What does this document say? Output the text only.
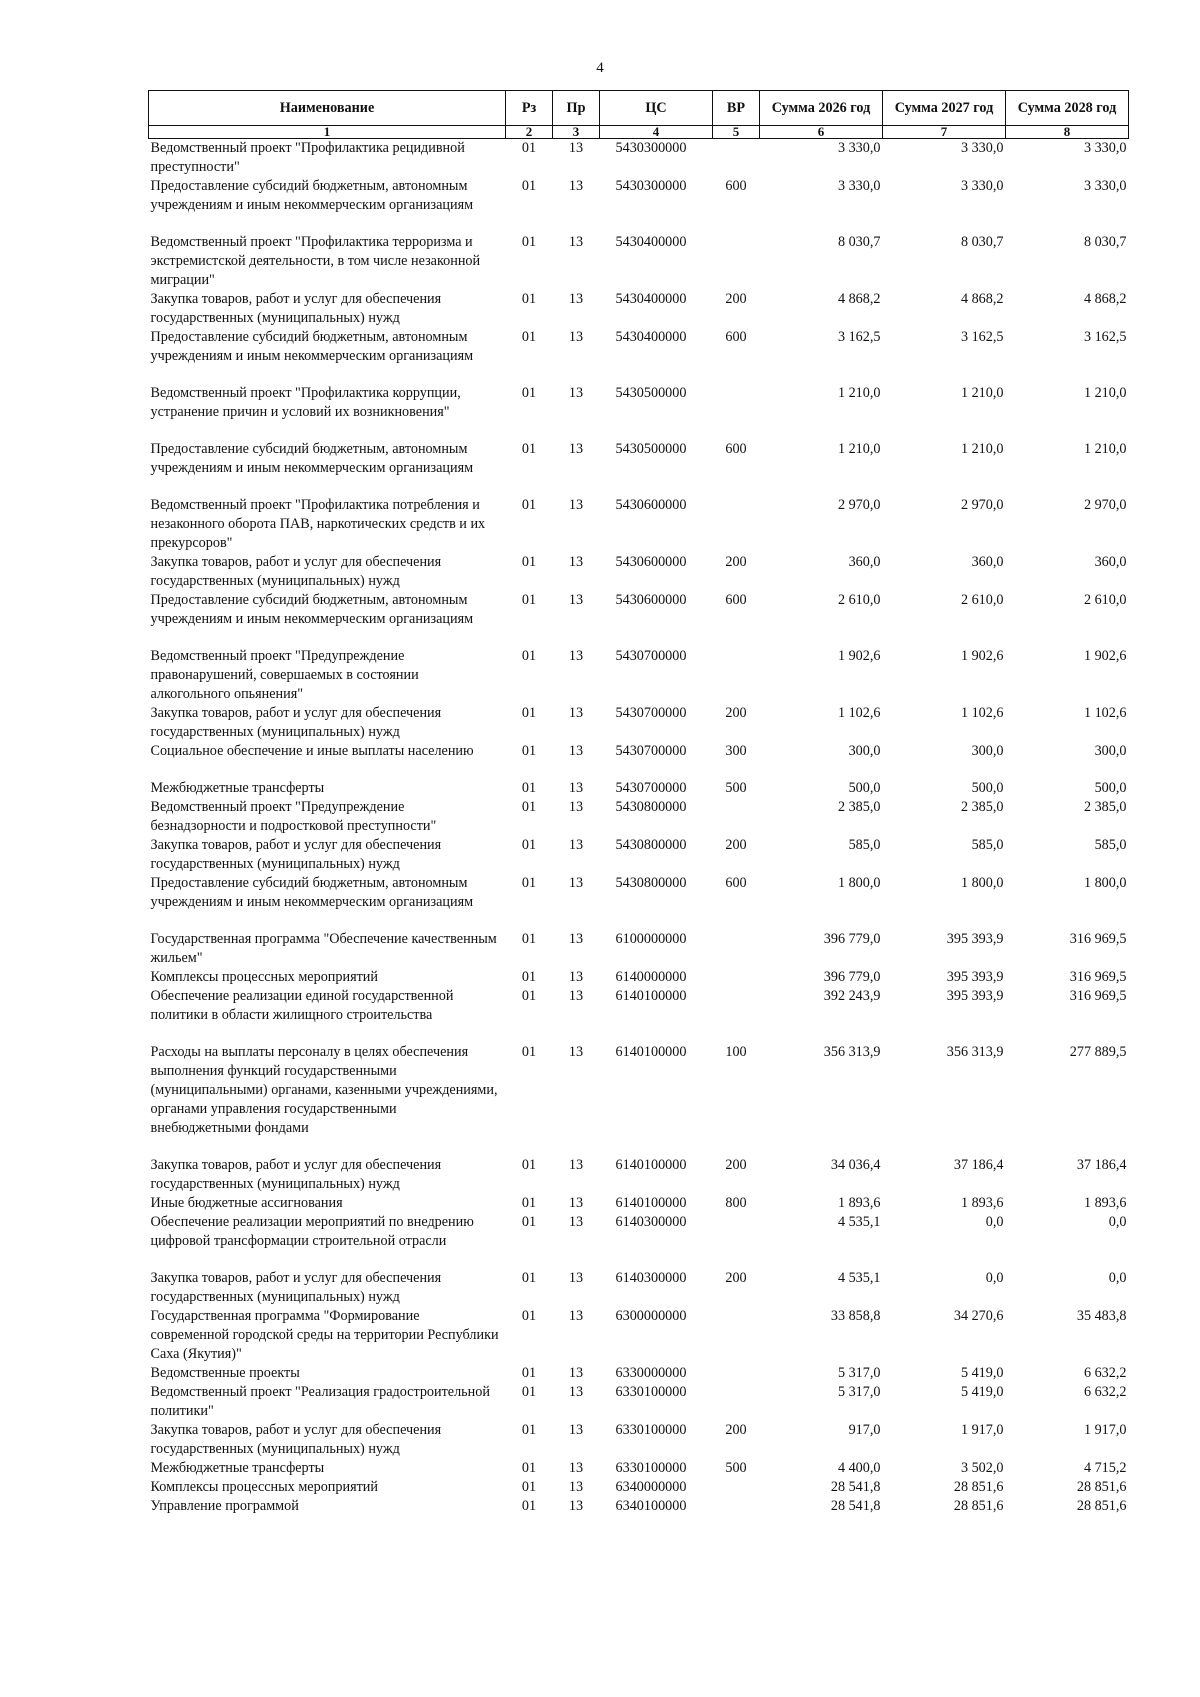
4
Наименование	Рз	Пр	ЦС	ВР	Сумма 2026 год	Сумма 2027 год	Сумма 2028 год
1	2	3	4	5	6	7	8
Ведомственный проект "Профилактика рецидивной преступности"	01	13	5430300000		3 330,0	3 330,0	3 330,0
Предоставление субсидий бюджетным, автономным учреждениям и иным некоммерческим организациям	01	13	5430300000	600	3 330,0	3 330,0	3 330,0

Ведомственный проект "Профилактика терроризма и экстремистской деятельности, в том числе незаконной миграции"	01	13	5430400000		8 030,7	8 030,7	8 030,7
Закупка товаров, работ и услуг для обеспечения государственных (муниципальных) нужд	01	13	5430400000	200	4 868,2	4 868,2	4 868,2
Предоставление субсидий бюджетным, автономным учреждениям и иным некоммерческим организациям	01	13	5430400000	600	3 162,5	3 162,5	3 162,5

Ведомственный проект "Профилактика коррупции, устранение причин и условий их возникновения"	01	13	5430500000		1 210,0	1 210,0	1 210,0

Предоставление субсидий бюджетным, автономным учреждениям и иным некоммерческим организациям	01	13	5430500000	600	1 210,0	1 210,0	1 210,0

Ведомственный проект "Профилактика потребления и незаконного оборота ПАВ, наркотических средств и их прекурсоров"	01	13	5430600000		2 970,0	2 970,0	2 970,0
Закупка товаров, работ и услуг для обеспечения государственных (муниципальных) нужд	01	13	5430600000	200	360,0	360,0	360,0
Предоставление субсидий бюджетным, автономным учреждениям и иным некоммерческим организациям	01	13	5430600000	600	2 610,0	2 610,0	2 610,0

Ведомственный проект "Предупреждение правонарушений, совершаемых в состоянии алкогольного опьянения"	01	13	5430700000		1 902,6	1 902,6	1 902,6
Закупка товаров, работ и услуг для обеспечения государственных (муниципальных) нужд	01	13	5430700000	200	1 102,6	1 102,6	1 102,6
Социальное обеспечение и иные выплаты населению	01	13	5430700000	300	300,0	300,0	300,0

Межбюджетные трансферты	01	13	5430700000	500	500,0	500,0	500,0
Ведомственный проект "Предупреждение безнадзорности и подростковой преступности"	01	13	5430800000		2 385,0	2 385,0	2 385,0
Закупка товаров, работ и услуг для обеспечения государственных (муниципальных) нужд	01	13	5430800000	200	585,0	585,0	585,0
Предоставление субсидий бюджетным, автономным учреждениям и иным некоммерческим организациям	01	13	5430800000	600	1 800,0	1 800,0	1 800,0

Государственная программа "Обеспечение качественным жильем"	01	13	6100000000		396 779,0	395 393,9	316 969,5
Комплексы процессных мероприятий	01	13	6140000000		396 779,0	395 393,9	316 969,5
Обеспечение реализации единой государственной политики в области жилищного строительства	01	13	6140100000		392 243,9	395 393,9	316 969,5

Расходы на выплаты персоналу в целях обеспечения выполнения функций государственными (муниципальными) органами, казенными учреждениями, органами управления государственными внебюджетными фондами	01	13	6140100000	100	356 313,9	356 313,9	277 889,5

Закупка товаров, работ и услуг для обеспечения государственных (муниципальных) нужд	01	13	6140100000	200	34 036,4	37 186,4	37 186,4
Иные бюджетные ассигнования	01	13	6140100000	800	1 893,6	1 893,6	1 893,6
Обеспечение реализации мероприятий по внедрению цифровой трансформации строительной отрасли	01	13	6140300000		4 535,1	0,0	0,0

Закупка товаров, работ и услуг для обеспечения государственных (муниципальных) нужд	01	13	6140300000	200	4 535,1	0,0	0,0
Государственная программа "Формирование современной городской среды на территории Республики Саха (Якутия)"	01	13	6300000000		33 858,8	34 270,6	35 483,8
Ведомственные проекты	01	13	6330000000		5 317,0	5 419,0	6 632,2
Ведомственный проект "Реализация градостроительной политики"	01	13	6330100000		5 317,0	5 419,0	6 632,2
Закупка товаров, работ и услуг для обеспечения государственных (муниципальных) нужд	01	13	6330100000	200	917,0	1 917,0	1 917,0
Межбюджетные трансферты	01	13	6330100000	500	4 400,0	3 502,0	4 715,2
Комплексы процессных мероприятий	01	13	6340000000		28 541,8	28 851,6	28 851,6
Управление программой	01	13	6340100000		28 541,8	28 851,6	28 851,6
